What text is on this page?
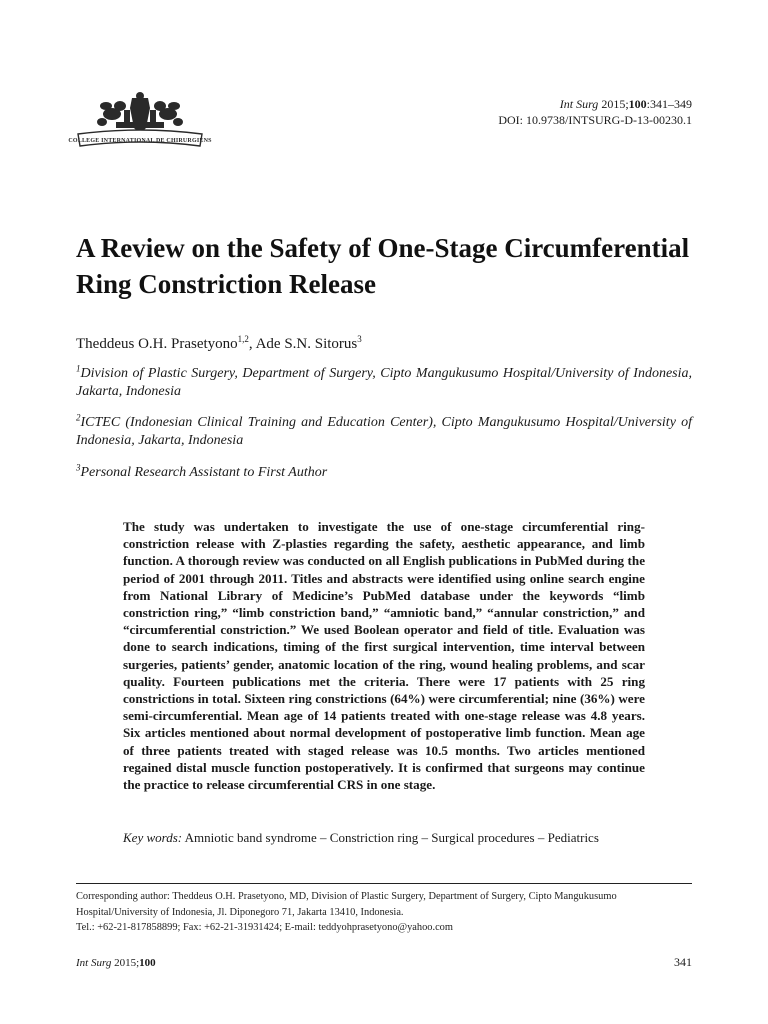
COLLEGE INTERNATIONAL DE CHIRURGIENS
Int Surg 2015;100:341–349
DOI: 10.9738/INTSURG-D-13-00230.1
A Review on the Safety of One-Stage Circumferential Ring Constriction Release
Theddeus O.H. Prasetyono$^{1,2}$, Ade S.N. Sitorus$^3$
$^1$Division of Plastic Surgery, Department of Surgery, Cipto Mangukusumo Hospital/University of Indonesia, Jakarta, Indonesia
$^2$ICTEC (Indonesian Clinical Training and Education Center), Cipto Mangukusumo Hospital/University of Indonesia, Jakarta, Indonesia
$^3$Personal Research Assistant to First Author

The study was undertaken to investigate the use of one-stage circumferential ring-constriction release with Z-plasties regarding the safety, aesthetic appearance, and limb function. A thorough review was conducted on all English publications in PubMed during the period of 2001 through 2011. Titles and abstracts were identified using online search engine from National Library of Medicine’s PubMed database under the keywords “limb constriction ring,” “limb constriction band,” “amniotic band,” “annular constriction,” and “circumferential constriction.” We used Boolean operator and field of title. Evaluation was done to search indications, timing of the first surgical intervention, time interval between surgeries, patients’ gender, anatomic location of the ring, wound healing problems, and scar quality. Fourteen publications met the criteria. There were 17 patients with 25 ring constrictions in total. Sixteen ring constrictions (64%) were circumferential; nine (36%) were semi-circumferential. Mean age of 14 patients treated with one-stage release was 4.8 years. Six articles mentioned about normal development of postoperative limb function. Mean age of three patients treated with staged release was 10.5 months. Two articles mentioned regained distal muscle function postoperatively. It is confirmed that surgeons may continue the practice to release circumferential CRS in one stage.

Key words: Amniotic band syndrome – Constriction ring – Surgical procedures – Pediatrics
Corresponding author: Theddeus O.H. Prasetyono, MD, Division of Plastic Surgery, Department of Surgery, Cipto Mangukusumo
Hospital/University of Indonesia, Jl. Diponegoro 71, Jakarta 13410, Indonesia.
Tel.: +62-21-817858899; Fax: +62-21-31931424; E-mail: teddyohprasetyono@yahoo.com
Int Surg 2015;100	341
